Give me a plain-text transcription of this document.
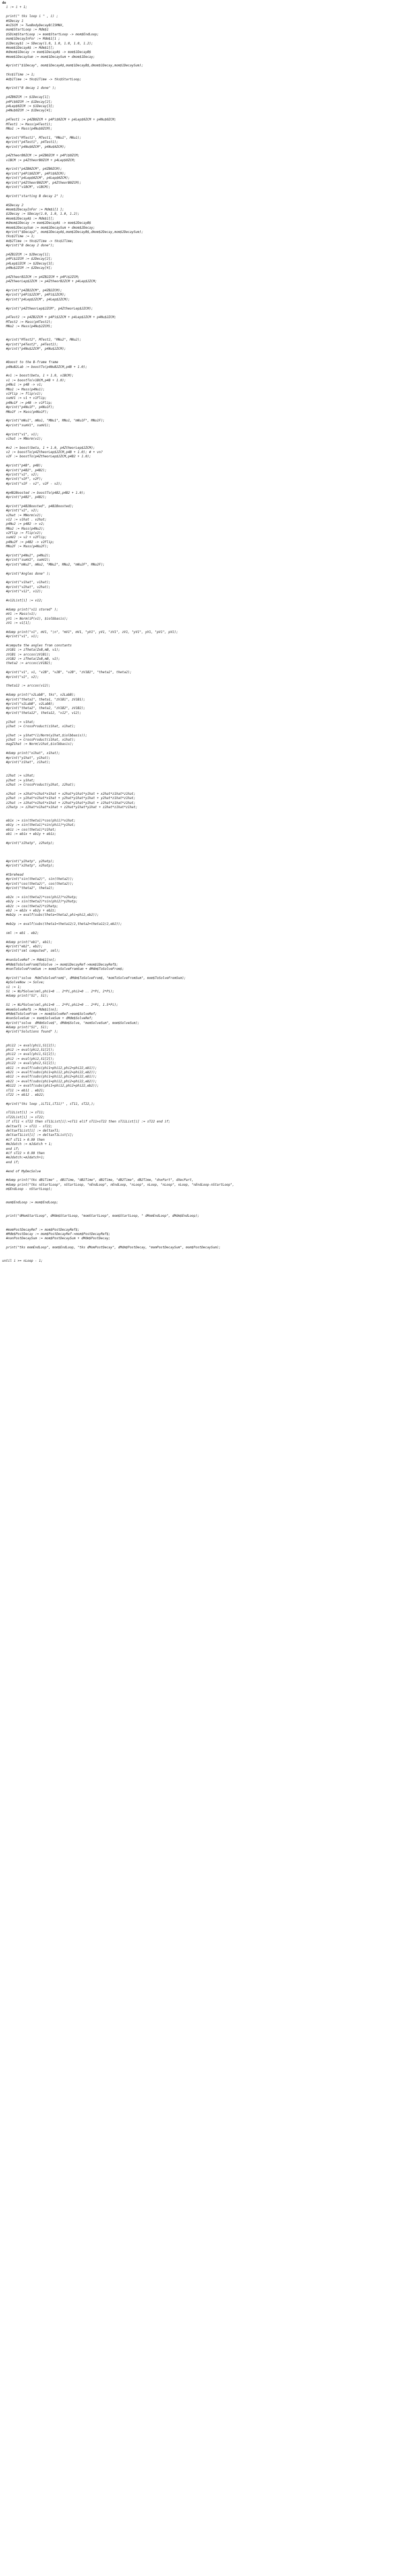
do
i := i + 1;
print(" tks loop i " , i) ;
#SDecay 1
#nISCM := TwoBodyDecayB(ISMNX,
mom$StartLoop := Mdm$1
$SDim$StartLoop := mom$StartLoop -> mom$EndLoop;
mom$1DecayInFor := Mdm$1[1 ;
$1Decay$1 := SDecay(1.0, 1.0, 1.0, 1.0, 1.2);
#mom$1DecayA$ := Mdm$1[[;
#dmom$1Decay := mom$1DecayA$ -> mom$1DecayB$
#mom$1DecaySum := mom$1DecaySum + dmom$1Decay;
#print("$1Decay", mom$1DecayA$,mom$1DecayB$,dmom$1Decay,mom$1DecaySum);
tks$1Time := 1;
#d$1Time := tks$1Time -> tks$StartLoop;
#print("B decay 1 done" );
p4ZB0ZCM := $1Decay[1];
p4Pi$0ZCM := $1Decay[2];
p4Lep$0ZCM := $1Decay[3];
p4Nu$0ZCM := $1Decay[4];
p4Test1 := p4ZB0ZCM + p4Pi$0ZCM + p4Lep$0ZCM + p4Nu$0ZCM;
MTest1 := Mass(p4Test1);
MNu1 := Mass(p4Nu$0ZCM);
#print("MTest1", MTest1, "MNu1", MNu1);
#print("p4Test1", p4Test1);
#print("p4Nu$0ZCM", p4Nu$0ZCM);
p4ZtheorB0ZCM := p4ZB0ZCM + p4Pi$0ZCM;
v1BCM := p4ZtheorB0ZCM + p4Lep$0ZCM;
#print("p4ZB0ZCM", p4ZB0ZCM);
#print("p4Pi$0ZCM", p4Pi$0ZCM);
#print("p4Lep$0ZCM", p4Lep$0ZCM);
#print("p4ZtheorB0ZCM", p4ZtheorB0ZCM);
#print("v1BCM", v1BCM);
#print("starting B decay 2" );
#SDecay 2
#mom$2DecayInFor := Mdm$1[1 ];
$2Decay := SDecay(1.0, 1.0, 1.0, 1.2);
#mom$2DecayA$ := Mdm$1[[;
#dmom$2Decay := mom$2DecayA$ -> mom$2DecayB$
#mom$2DecaySum := mom$2DecaySum + dmom$2Decay;
#print("$Decay2", mom$2DecayA$,mom$2DecayB$,dmom$2Decay,mom$2DecaySum);
tks$2Time := 1;
#d$2Time := tks$2Time -> tks$1Time;
#print("B decay 2 done");
p4ZB2ZCM := $2Decay[1];
p4Pi$2ZCM := $2Decay[2];
p4Lep$2ZCM := $2Decay[3];
p4Nu$2ZCM := $2Decay[4];
p4ZtheorB2ZCM := p4ZB2ZCM + p4Pi$2ZCM;
p4ZtheorLep$2ZCM := p4ZtheorB2ZCM + p4Lep$2ZCM;
#print("p4ZB2ZCM", p4ZB2ZCM);
#print("p4Pi$2ZCM", p4Pi$2ZCM);
#print("p4Lep$2ZCM", p4Lep$2ZCM);
#print("p4ZtheorLep$2ZCM", p4ZtheorLep$2ZCM);
p4Test2 := p4ZB2ZCM + p4Pi$2ZCM + p4Lep$2ZCM + p4Nu$2ZCM;
MTest2 := Mass(p4Test2);
MNu2 := Mass(p4Nu$2ZCM);
#print("MTest2", MTest2, "MNu2", MNu2);
#print("p4Test2", p4Test2);
#print("p4Nu$2ZCM", p4Nu$2ZCM);
#boost to the B-frame frame
p4NuB2Lab := boostTo(p4NuB2ZCM,p4B + 1.0);
#v1 := boost(beta, 1 + 1.0, v1BCM);
v1 := boostTo(v1BCM,p4B + 1.0);
p4Nu1 := p4B -> v1;
MNu1 := Mass(p4Nu1);
v1Flip := flip(v1);
sumV1 := v1 + v1Flip;
p4Nu1F := p4B -> v1Flip;
#print("p4Nu1F", p4Nu1F);
MNu1F := Mass(p4Nu1F);
#print("mNu1", mNu1, "MNu1", MNu1, "mNu1F", MNu1F);
#print("sumV1", sumV1);
#print("v1", v1);
v1hat := MNorm(v1);
#v2 := boost(beta, 1 + 1.0, p4ZtheorLep$2ZCM);
v2 := boostTo(p4ZtheorLep$2ZCM,p4B + 1.0); # + vn?
v2F := boostTo(p4ZtheorLep$2ZCM,p4B2 + 1.0);
#print("p4B", p4B);
#print("p4B2", p4B2);
#print("v2", v2);
#print("v2F", v2F);
#print("v2F - v2", v2F - v2);
#p4B2Boosted := boostTo(p4B2,p4B2 + 1.0);
#print("p4B2", p4B2);
#print("p4B2Boosted", p4B2Boosted);
#print("v2", v2);
v2hat := MNorm(v2);
v12 := v1hat . v2hat;
p4Nu2 := p4B2 -> v2;
MNu2 := Mass(p4Nu2);
v2Flip := flip(v2);
sumV2 := v2 + v2Flip;
p4Nu2F := p4B2 -> v2Flip;
MNu2F := Mass(p4Nu2F);
#print("p4Nu2", p4Nu2);
#print("sumV2", sumV2);
#print("mNu2", mNu2, "MNu2", MNu2, "mNu2F", MNu2F);
#print("Angles done" );
#print("v1hat", v1hat);
#print("v2hat", v2hat);
#print("v12", v12);
#v12List[i] := v12;
#dump print("v11 stored" );
mV1 := Mass(v1);
yV1 := Norm(iP(v1), $iolbbasis);
zV1 := v1[1];
#dump print("v1", mV1, "\n", "mV1", mV1, "yV1", yV1, "zV1", zV1, "yV1", yV1, "pV1", pV1);
#print("v1", v1);
#compute the angles from constants
zV1B1 := zTheta(ZxB,mB, v1);
zV1B1 := arccos(zV1B1);
zV1B2 := zTheta(ZxB,mB, v2);
theta2 := arccos(zV1B2);
#print("v1", v1, "v2B", "v2B", "v2B", "zV1B2", "theta2", theta2);
#print("v2", v2);
theta12 := arccos(v12);
#dump print("v2LabB", tks", v2LabB);
#print("theta1", theta1, "zV1B1", zV1B1);
#print("v2LabB", v2LabB);
#print("theta2", theta2, "zV1B2", zV1B2);
#print("theta12", theta12, "v12", v12);
y1hat := v1hat;
y1hat := CrossProduct(z1hat, x1hat);
y1hat := y1hat*(1/Norm(y1hat,$iolbbasis));
y1hat := CrossProduct(z1hat, x1hat);
magZ1hat := Norm(z1hat,$iolbbasis);
#dump print("x1hat", x1hat);
#print("y1hat", y1hat);
#print("z1hat", z1hat);
z2hat := v2hat;
y2hat := y1hat;
x2hat := CrossProduct(y2hat, z2hat);
x2hat := x2hat*x1hat*x1hat + x2hat*y1hat*y1hat + x2hat*z1hat*z1hat;
y2hat := y2hat*x1hat*x1hat + y2hat*y1hat*y1hat + y2hat*z1hat*z1hat;
z2hat := z2hat*x1hat*x1hat + z2hat*y1hat*y1hat + z2hat*z1hat*z1hat;
z2hatp := z2hat*x1hat*x1hat + z2hat*y1hat*y1hat + z2hat*z1hat*z1hat;
eb1x := sin(theta1)*cos(phi1)*x1hat;
eb1y := sin(theta1)*sin(phi1)*y1hat;
eb1z := cos(theta1)*z1hat;
eb1 := eb1x + eb1y + eb1z;
#print("z2hatp", z2hatp);
#print("y2hatp", y2hatp);
#print("x2hatp", x2hatp);
#tbrehead
#print("sin(theta2)", sin(theta2));
#print("cos(theta2)", cos(theta2));
#print("theta2", theta2);
eb2x := sin(theta2)*cos(phi2)*x2hatp;
eb2y := sin(theta2)*sin(phi2)*y2hatp;
eb2z := cos(theta2)*z2hatp;
eb2 := eb2x + eb2y + eb2z;
#eb2p := evalf(subs(theta=theta2,phi=phi2,eb2));
#eb2p := evalf(subs(theta1=theta12/2,theta2=theta12/2,eb2));
sml := eb1 . eb2;
#dump print("eb1", eb1);
#print("eb2", eb2);
#print("sml computed", sml);
#nonSolveRef := Mdm$1[nn];
#Mdm$ToSolveFrom$ToSolve := mom$1DecayRef->mom$1DecayRef$;
#nonToSolveFromSum := mom$ToSolveFromSum + dMdm$ToSolveFrom$;
#print("solve  MdmToSolveFrom$", dMdm$ToSolveFrom$, "momToSolveFromSum", mom$ToSolveFromSum);
#pSolveNow := Solve;
s1 := 1;
S1 := NLPSolve(sml,phi1=0 .. 2*Pi,phi2=0 .. 2*Pi, 2*Pi);
#dump print("S1", S1);
S1 := NLPSolve(sml,phi1=0 .. 2*Pi,phi2=0 .. 2*Pi, 1.5*Pi);
#momSolveRef$ := Mdm$1[nn];
#Mdm$ToSolveFrom := mom$SolveRef->mom$SolveRef;
#nonSolveSum := mom$SolveSum + dMdm$SolveRef;
#print("solve  dMdmSolve$", dMdm$Solve, "momSolveSum", mom$SolveSum);
#dump print("S1", S1);
#print("Solutions found" );
phi12 := eval(phi1,S1[2]);
phi2 := eval(phi2,S1[2]);
phi12 := eval(phi1,S1[2]);
phi2 := eval(phi2,S1[2]);
phi22 := eval(phi2,S1[2]);
eb11 := evalf(subs(phi1=phi12,phi2=phi22,eb1));
eb21 := evalf(subs(phi1=phi12,phi2=phi22,eb2));
eb12 := evalf(subs(phi1=phi12,phi2=phi22,eb1));
eb22 := evalf(subs(phi1=phi12,phi2=phi22,eb2));
#b122 := evalf(subs(phi1=phi12,phi2=phi22,eb2));
sT11 := eb11 . eb21;
sT22 := eb12 . eb22;
#print("tks loop ,iLT11,iT11)" , sT11, sT22,);
sT11List[i] := sT11;
sT22List[i] := sT22;
if sT11 < sT22 then sT11List[i]:=sT11 elif sT11>sT22 then sT11List[i] := sT22 end if;
deltaxT1 := sT11 - sT22;
deltaxT1List[i] := deltaxT1;
deltaxT1List[i] := deltaxT1List[i];
#if sT11 > 0.99 then
#mJdatch := mJdatch + 1;
end if;
#if sT22 > 0.99 then
#mJdatch:=mJdatch+1;
end if;
#end of MyDecSolve
#dump print("tks dB1Time" , dB1Time, "dB2Time", dB2Time, "dB2Time", dB2Time, "dnxPart", dXecPart,
#dump print("tks nStartLoop", nStartLoop, "nEndLoop", nEndLoop, "nLoop", nLoop, "nLoop", nLoop, "nEndLoop-nStartLoop",
m$EndLoop - nStartLoop);
mom$EndLoop := mom$EndLoop;
print("dMomStartLoop", dMdm$StartLoop, "momStartLoop", mom$StartLoop, " dMomEndLoop", dMdm$EndLoop);
#momPostDecayRef := mom$PostDecayRef$;
#Mdm$PostDecay := mom$PostDecayRef->mom$PostDecayRef$;
#nonPostDecaySum := mom$PostDecaySum + dMdm$PostDecay;
print("tks momEndLoop", mom$EndLoop, "tks dMomPostDecay", dMdm$PostDecay, "momPostDecaySum", mom$PostDecaySum);
until i >= nLoop - 1;
